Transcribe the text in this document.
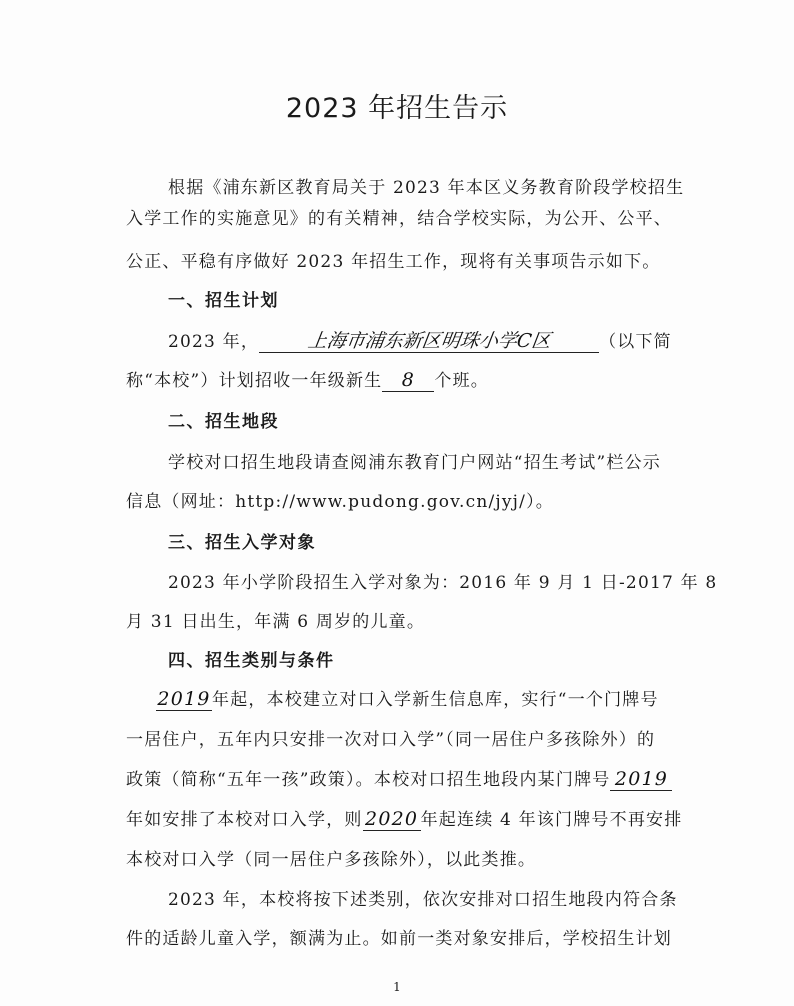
2023 年招生告示
根据《浦东新区教育局关于 2023 年本区义务教育阶段学校招生
入学工作的实施意见》的有关精神，结合学校实际，为公开、公平、
公正、平稳有序做好 2023 年招生工作，现将有关事项告示如下。
一、招生计划
2023 年， 上海市浦东新区明珠小学C区	（以下简
称“本校”）计划招收一年级新生 8 个班。
二、招生地段
学校对口招生地段请查阅浦东教育门户网站“招生考试”栏公示
信息（网址：http://www.pudong.gov.cn/jyj/）。
三、招生入学对象
2023 年小学阶段招生入学对象为：2016 年 9 月 1 日-2017 年 8
月 31 日出生，年满 6 周岁的儿童。
四、招生类别与条件
2019年起，本校建立对口入学新生信息库，实行“一个门牌号
一居住户，五年内只安排一次对口入学”（同一居住户多孩除外）的
政策（简称“五年一孩”政策）。本校对口招生地段内某门牌号 2019
年如安排了本校对口入学，则 2020 年起连续 4 年该门牌号不再安排
本校对口入学（同一居住户多孩除外），以此类推。
2023 年，本校将按下述类别，依次安排对口招生地段内符合条
件的适龄儿童入学，额满为止。如前一类对象安排后，学校招生计划
1
